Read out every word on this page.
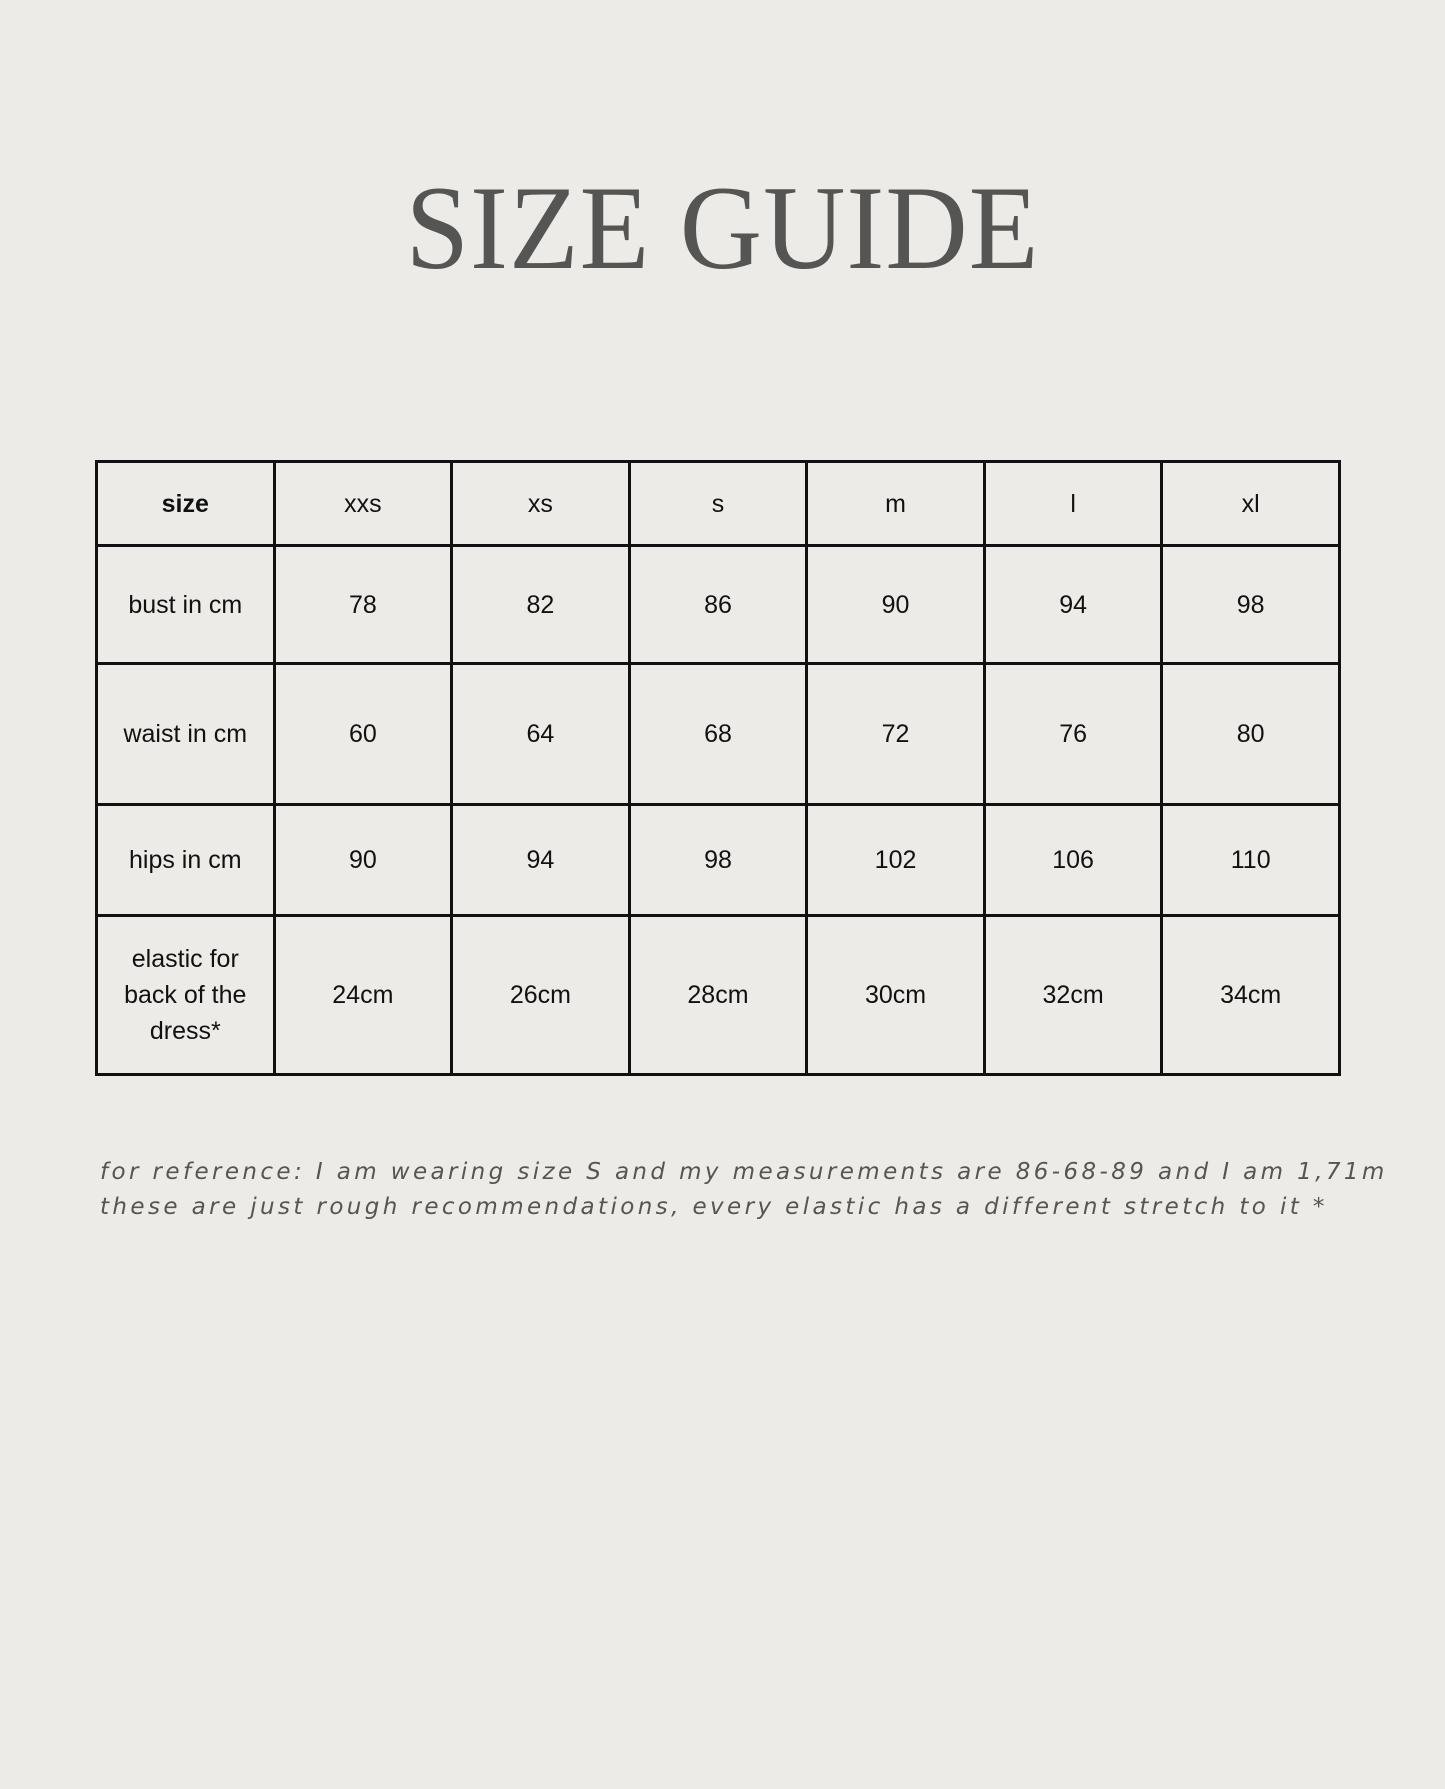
SIZE GUIDE
size	xxs	xs	s	m	l	xl
bust in cm	78	82	86	90	94	98
waist in cm	60	64	68	72	76	80
hips in cm	90	94	98	102	106	110
elastic for back of the dress*	24cm	26cm	28cm	30cm	32cm	34cm
for reference: I am wearing size S and my measurements are 86-68-89 and I am 1,71m
these are just rough recommendations, every elastic has a different stretch to it *
